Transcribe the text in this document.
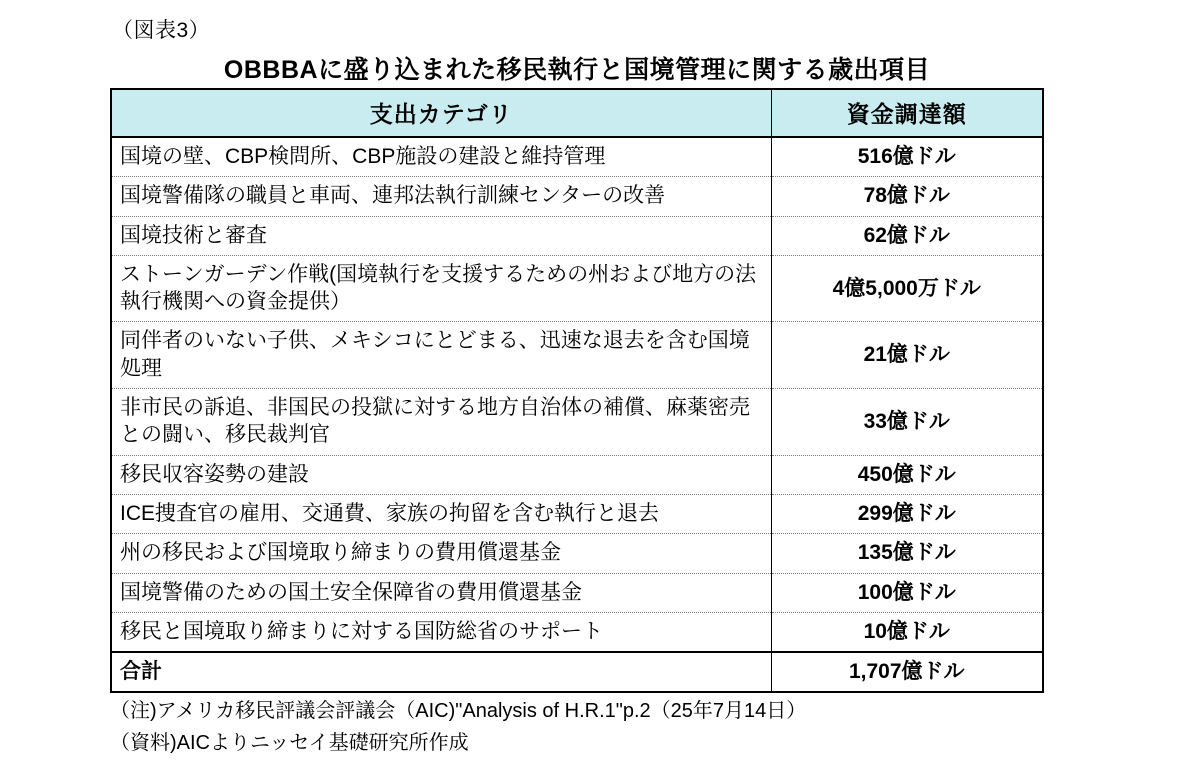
（図表3）
OBBBAに盛り込まれた移民執行と国境管理に関する歳出項目
支出カテゴリ	資金調達額
国境の壁、CBP検問所、CBP施設の建設と維持管理	516億ドル
国境警備隊の職員と車両、連邦法執行訓練センターの改善	78億ドル
国境技術と審査	62億ドル
ストーンガーデン作戦(国境執行を支援するための州および地方の法執行機関への資金提供）	4億5,000万ドル
同伴者のいない子供、メキシコにとどまる、迅速な退去を含む国境処理	21億ドル
非市民の訴追、非国民の投獄に対する地方自治体の補償、麻薬密売との闘い、移民裁判官	33億ドル
移民収容姿勢の建設	450億ドル
ICE捜査官の雇用、交通費、家族の拘留を含む執行と退去	299億ドル
州の移民および国境取り締まりの費用償還基金	135億ドル
国境警備のための国土安全保障省の費用償還基金	100億ドル
移民と国境取り締まりに対する国防総省のサポート	10億ドル
合計	1,707億ドル
（注)アメリカ移民評議会評議会（AIC)"Analysis of H.R.1"p.2（25年7月14日）
（資料)AICよりニッセイ基礎研究所作成
